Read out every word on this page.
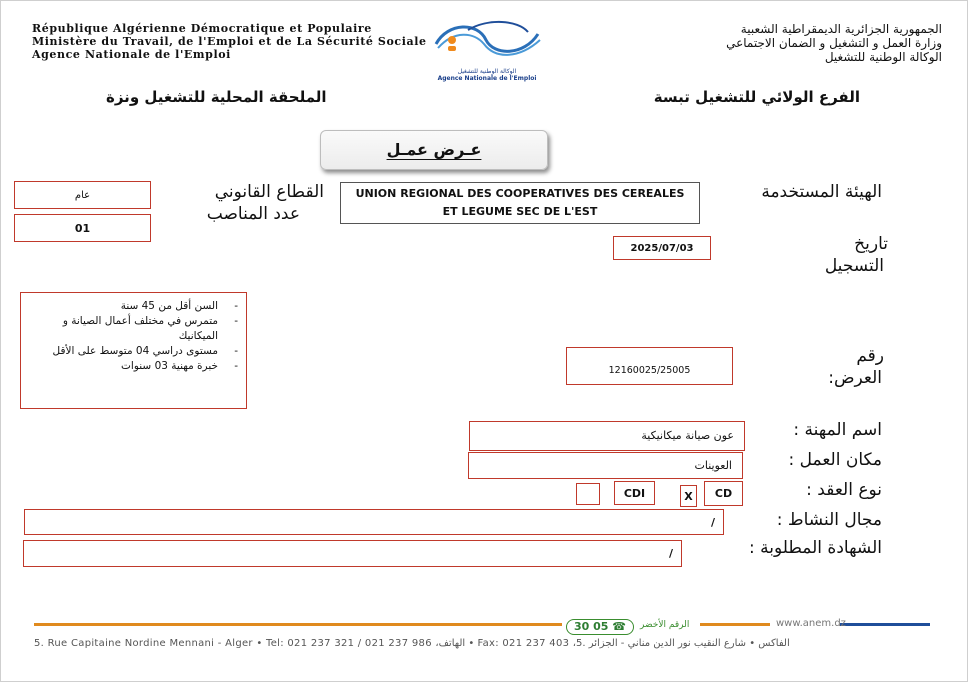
République Algérienne Démocratique et Populaire
Ministère du Travail, de l'Emploi et de La Sécurité Sociale
Agence Nationale de l'Emploi
الوكالة الوطنية للتشغيل
Agence Nationale de l'Emploi
الجمهورية الجزائرية الديمقراطية الشعبية
وزارة العمل و التشغيل و الضمان الاجتماعي
الوكالة الوطنية للتشغيل
الفرع الولائي للتشغيل تبسة
الملحقة المحلية للتشغيل ونزة
عـرض عمـل
الهيئة المستخدمة
UNION REGIONAL DES COOPERATIVES DES CEREALES ET LEGUME SEC DE L'EST
القطاع القانوني
عام
عدد المناصب
01
تاريخ
التسجيل
2025/07/03
- السن أقل من 45 سنة
- متمرس في مختلف أعمال الصيانة و الميكانيك
- مستوى دراسي 04 متوسط على الأقل
- خبرة مهنية 03 سنوات	رقم
العرض:
12160025/25005
اسم المهنة :
عون صيانة ميكانيكية
مكان العمل :
العوينات
نوع العقد :
CD
X
CDI
مجال النشاط :
/
الشهادة المطلوبة :
/
30 05 ☎	الرقم الأخضر	www.anem.dz
5. Rue Capitaine Nordine Mennani - Alger • Tel: 021 237 321 / 021 237 986 ،الهاتف • Fax: 021 237 403 ،الفاكس • شارع النقيب نور الدين مناني - الجزائر .5
